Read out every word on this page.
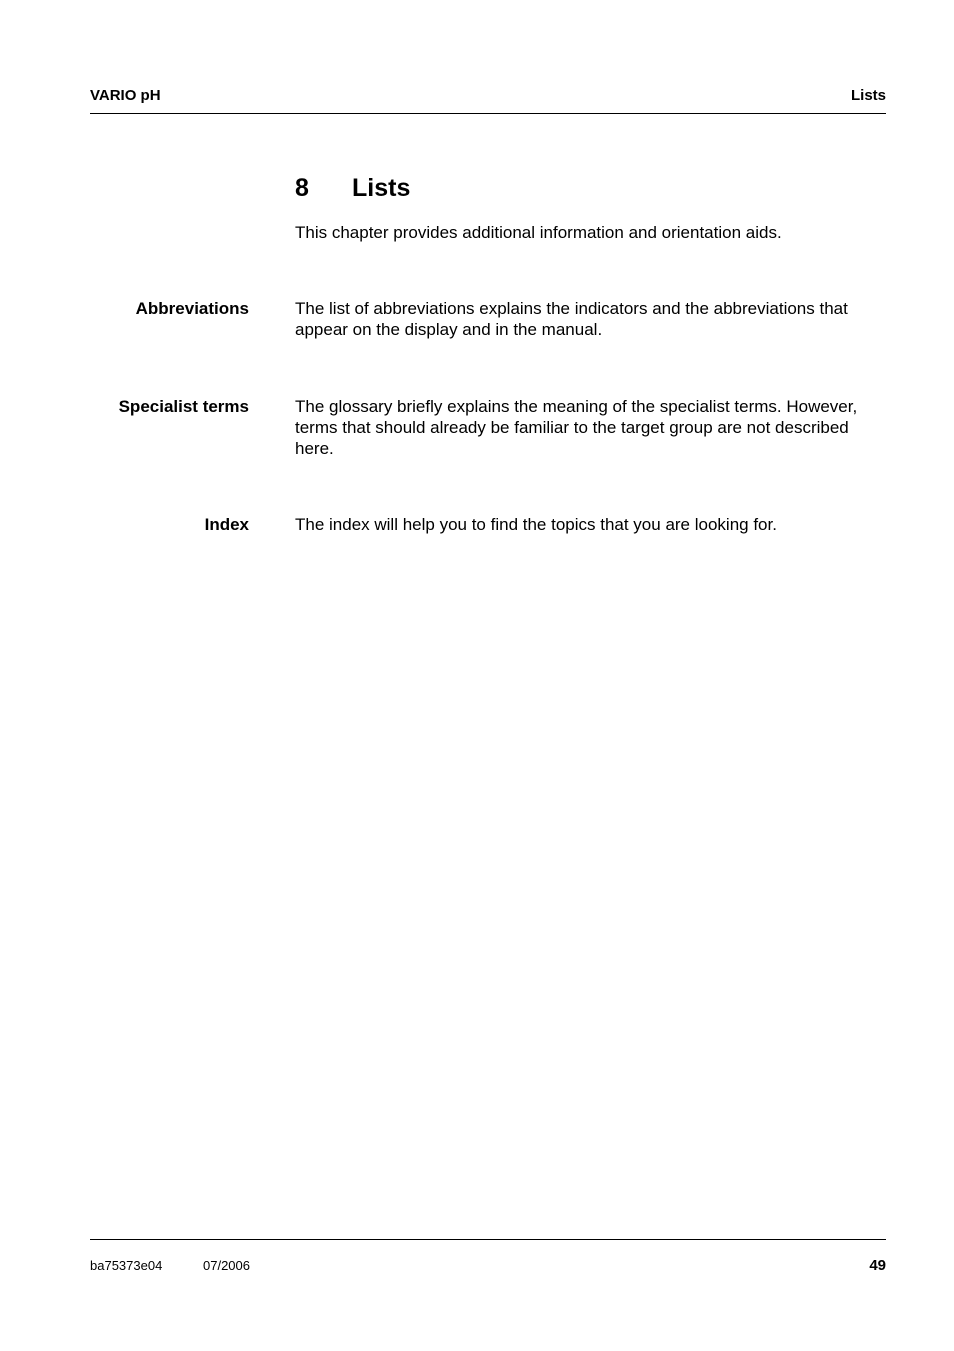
VARIO pH	Lists
8 Lists
This chapter provides additional information and orientation aids.
Abbreviations	The list of abbreviations explains the indicators and the abbreviations that appear on the display and in the manual.
Specialist terms	The glossary briefly explains the meaning of the specialist terms. However, terms that should already be familiar to the target group are not described here.
Index	The index will help you to find the topics that you are looking for.
ba75373e04	07/2006	49
